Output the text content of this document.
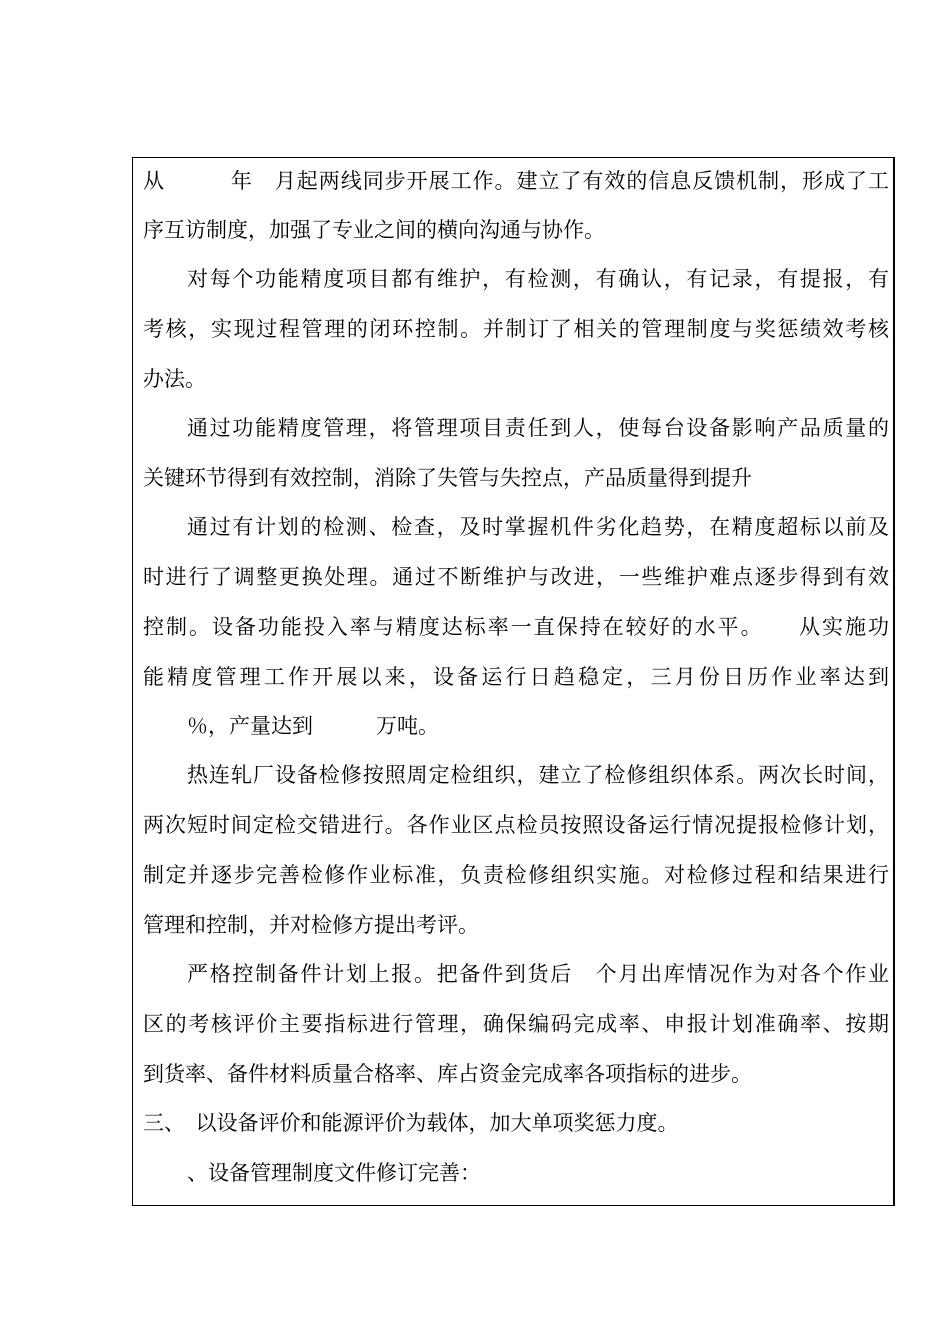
从　　　年　月起两线同步开展工作。建立了有效的信息反馈机制，形成了工
序互访制度，加强了专业之间的横向沟通与协作。
对每个功能精度项目都有维护，有检测，有确认，有记录，有提报，有
考核，实现过程管理的闭环控制。并制订了相关的管理制度与奖惩绩效考核
办法。
通过功能精度管理，将管理项目责任到人，使每台设备影响产品质量的
关键环节得到有效控制，消除了失管与失控点，产品质量得到提升
通过有计划的检测、检查，及时掌握机件劣化趋势，在精度超标以前及
时进行了调整更换处理。通过不断维护与改进，一些维护难点逐步得到有效
控制。设备功能投入率与精度达标率一直保持在较好的水平。　　从实施功
能精度管理工作开展以来，设备运行日趋稳定，三月份日历作业率达到
％，产量达到　　　万吨。
热连轧厂设备检修按照周定检组织，建立了检修组织体系。两次长时间，
两次短时间定检交错进行。各作业区点检员按照设备运行情况提报检修计划，
制定并逐步完善检修作业标准，负责检修组织实施。对检修过程和结果进行
管理和控制，并对检修方提出考评。
严格控制备件计划上报。把备件到货后　个月出库情况作为对各个作业
区的考核评价主要指标进行管理，确保编码完成率、申报计划准确率、按期
到货率、备件材料质量合格率、库占资金完成率各项指标的进步。
三、　以设备评价和能源评价为载体，加大单项奖惩力度。
、设备管理制度文件修订完善：
